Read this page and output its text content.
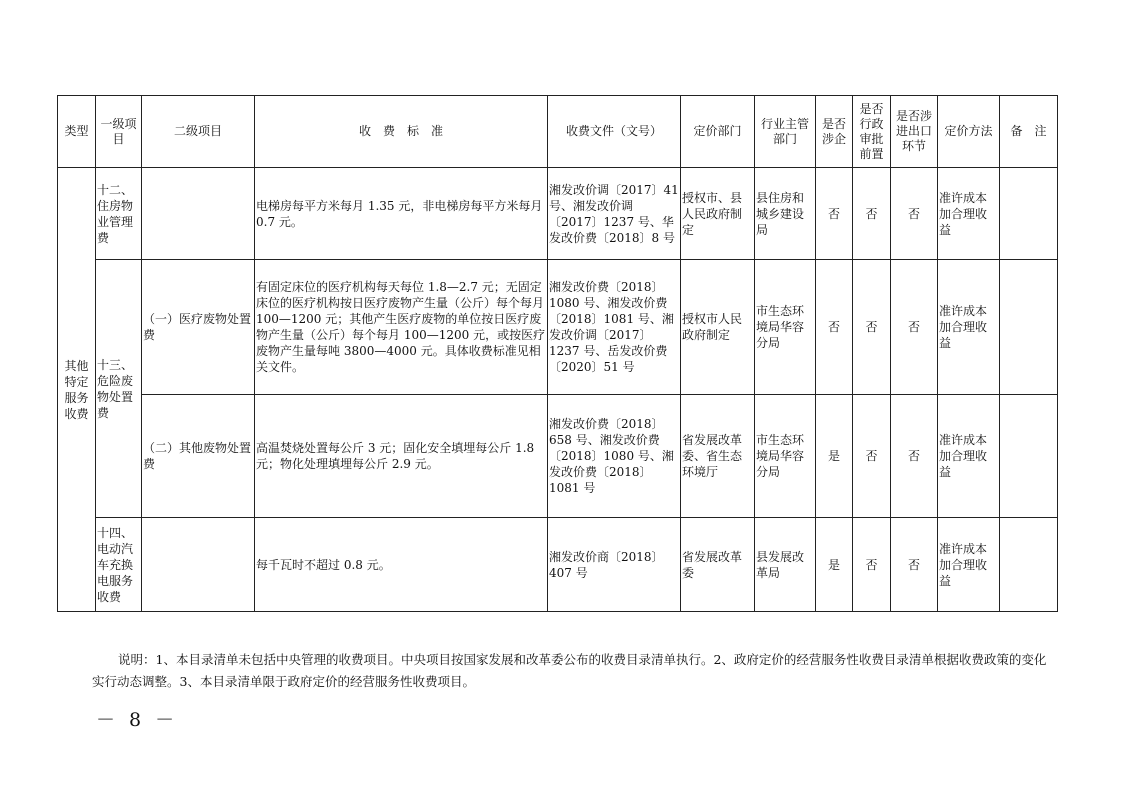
类型	一级项目	二级项目	收　费　标　准	收费文件（文号）	定价部门	行业主管部门	是否涉企	是否行政审批前置	是否涉进出口环节	定价方法	备　注
其他特定服务收费	十二、住房物业管理费		电梯房每平方米每月 1.35 元，非电梯房每平方米每月 0.7 元。	湘发改价调〔2017〕41号、湘发改价调〔2017〕1237 号、华发改价费〔2018〕8 号	授权市、县人民政府制定	县住房和城乡建设局	否	否	否	准许成本加合理收益	
	十三、危险废物处置费	（一）医疗废物处置费	有固定床位的医疗机构每天每位 1.8—2.7 元；无固定床位的医疗机构按日医疗废物产生量（公斤）每个每月 100—1200 元；其他产生医疗废物的单位按日医疗废物产生量（公斤）每个每月 100—1200 元，或按医疗废物产生量每吨 3800—4000 元。具体收费标准见相关文件。	湘发改价费〔2018〕1080 号、湘发改价费〔2018〕1081 号、湘发改价调〔2017〕1237 号、岳发改价费〔2020〕51 号	授权市人民政府制定	市生态环境局华容分局	否	否	否	准许成本加合理收益	
		（二）其他废物处置费	高温焚烧处置每公斤 3 元；固化安全填埋每公斤 1.8 元；物化处理填埋每公斤 2.9 元。	湘发改价费〔2018〕658 号、湘发改价费〔2018〕1080 号、湘发改价费〔2018〕1081 号	省发展改革委、省生态环境厅	市生态环境局华容分局	是	否	否	准许成本加合理收益	
	十四、电动汽车充换电服务收费		每千瓦时不超过 0.8 元。	湘发改价商〔2018〕407 号	省发展改革委	县发展改革局	是	否	否	准许成本加合理收益	

说明：1、本目录清单未包括中央管理的收费项目。中央项目按国家发展和改革委公布的收费目录清单执行。2、政府定价的经营服务性收费目录清单根据收费政策的变化实行动态调整。3、本目录清单限于政府定价的经营服务性收费项目。

－ 8 －
